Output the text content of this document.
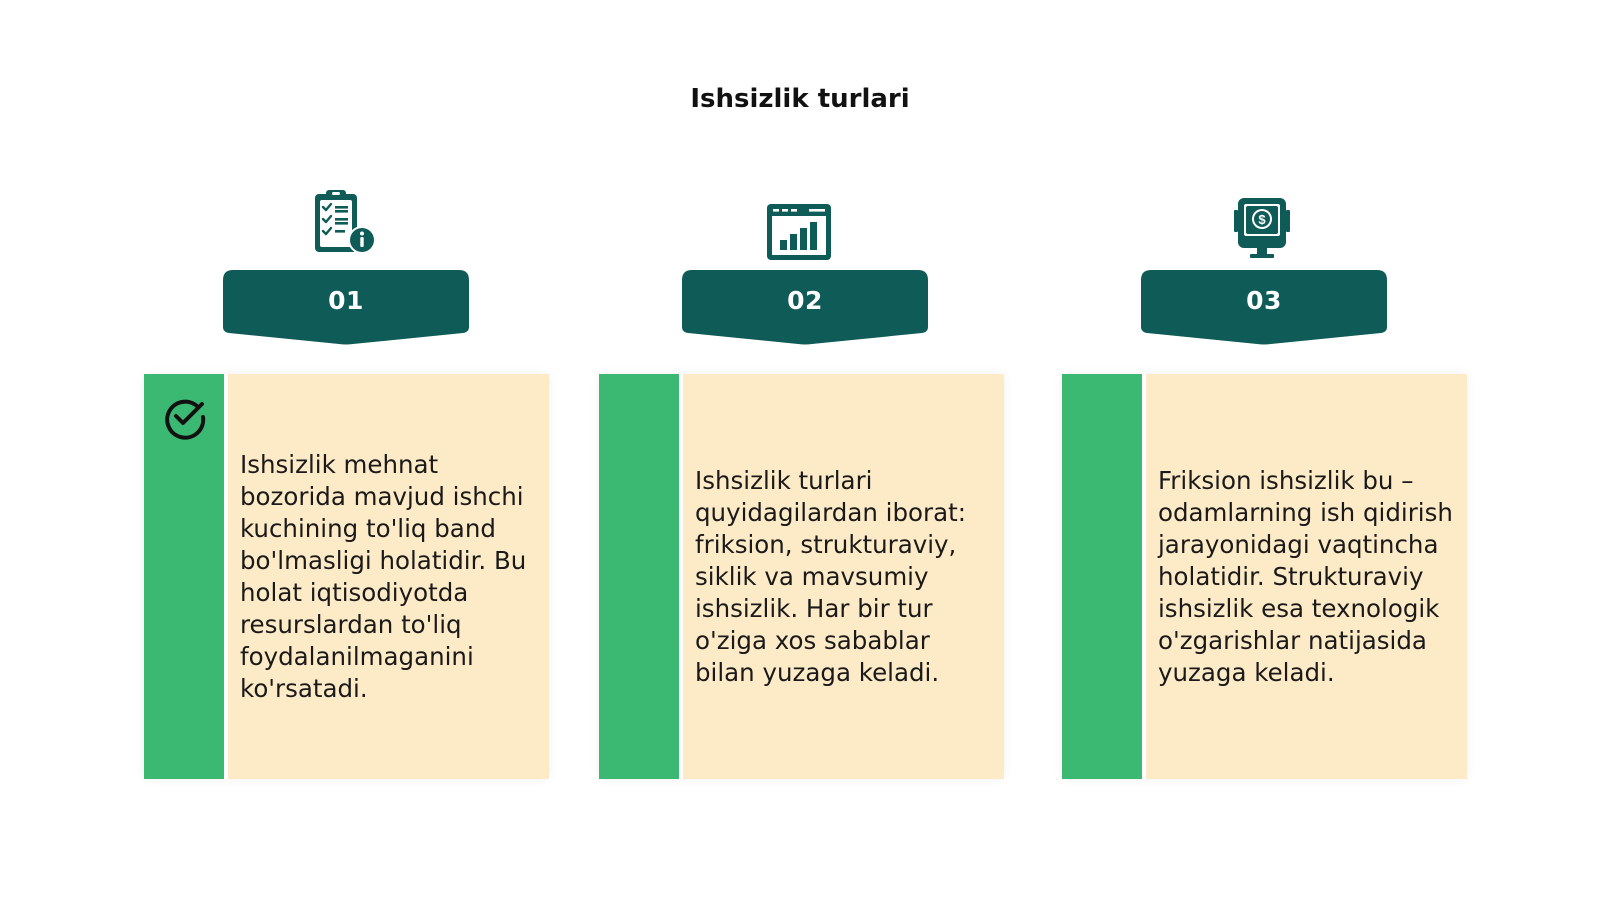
Ishsizlik turlari
$
01	02	03

Ishsizlik mehnat bozorida mavjud ishchi kuchining to'liq band bo'lmasligi holatidir. Bu holat iqtisodiyotda resurslardan to'liq foydalanilmaganini ko'rsatadi.

Ishsizlik turlari quyidagilardan iborat: friksion, strukturaviy, siklik va mavsumiy ishsizlik. Har bir tur o'ziga xos sabablar bilan yuzaga keladi.

Friksion ishsizlik bu – odamlarning ish qidirish jarayonidagi vaqtincha holatidir. Strukturaviy ishsizlik esa texnologik o'zgarishlar natijasida yuzaga keladi.
